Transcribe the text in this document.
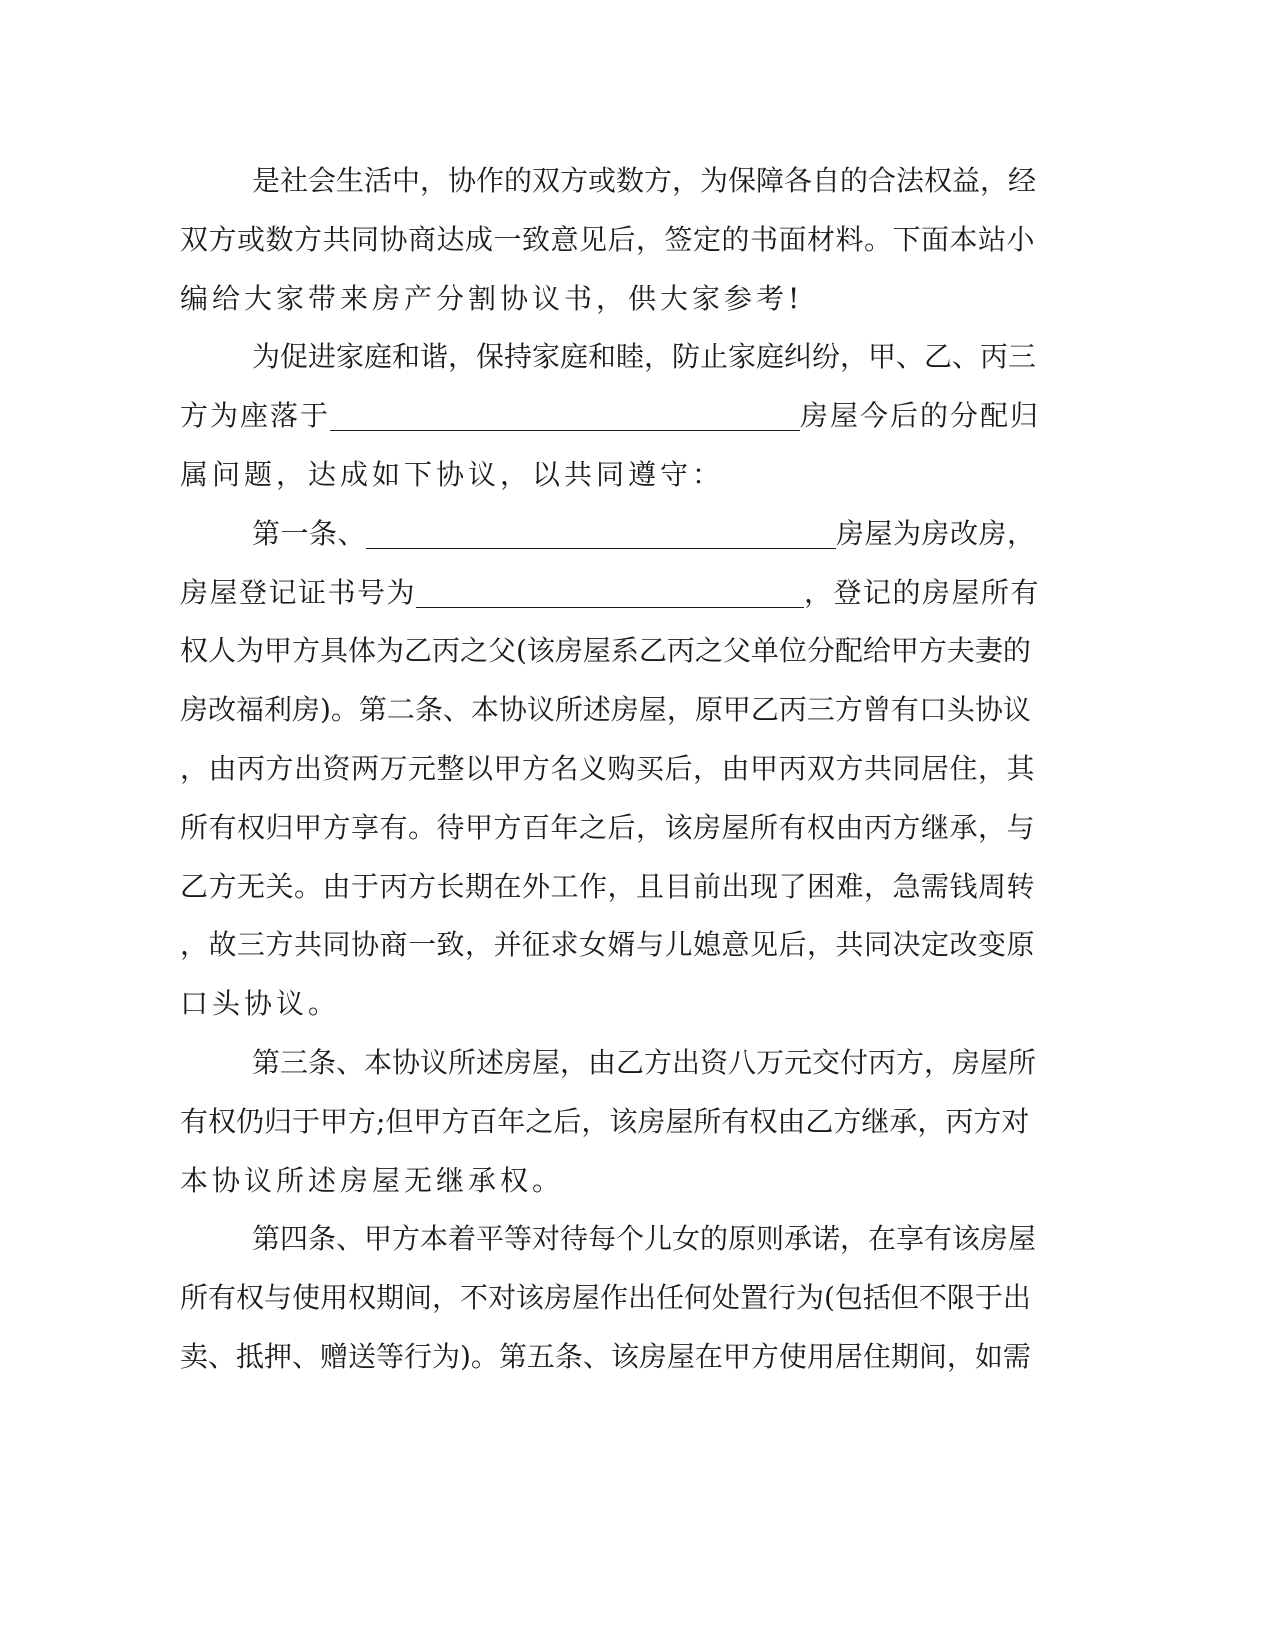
是社会生活中，协作的双方或数方，为保障各自的合法权益，经
双方或数方共同协商达成一致意见后，签定的书面材料。下面本站小
编给大家带来房产分割协议书，供大家参考!
为促进家庭和谐，保持家庭和睦，防止家庭纠纷，甲、乙、丙三
方为座落于	房屋今后的分配归
属问题，达成如下协议，以共同遵守：
第一条、	房屋为房改房，
房屋登记证书号为	，登记的房屋所有
权人为甲方具体为乙丙之父(该房屋系乙丙之父单位分配给甲方夫妻的
房改福利房)。第二条、本协议所述房屋，原甲乙丙三方曾有口头协议
，由丙方出资两万元整以甲方名义购买后，由甲丙双方共同居住，其
所有权归甲方享有。待甲方百年之后，该房屋所有权由丙方继承，与
乙方无关。由于丙方长期在外工作，且目前出现了困难，急需钱周转
，故三方共同协商一致，并征求女婿与儿媳意见后，共同决定改变原
口头协议。
第三条、本协议所述房屋，由乙方出资八万元交付丙方，房屋所
有权仍归于甲方;但甲方百年之后，该房屋所有权由乙方继承，丙方对
本协议所述房屋无继承权。
第四条、甲方本着平等对待每个儿女的原则承诺，在享有该房屋
所有权与使用权期间，不对该房屋作出任何处置行为(包括但不限于出
卖、抵押、赠送等行为)。第五条、该房屋在甲方使用居住期间，如需
